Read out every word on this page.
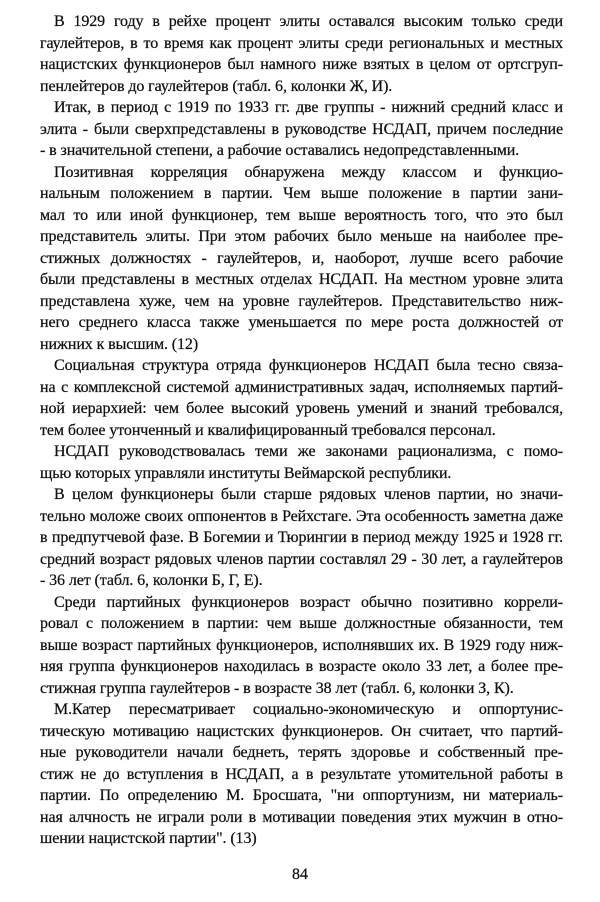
В 1929 году в рейхе процент элиты оставался высоким только среди
гаулейтеров, в то время как процент элиты среди региональных и местных
нацистских функционеров был намного ниже взятых в целом от ортсгруп-
пенлейтеров до гаулейтеров (табл. 6, колонки Ж, И).
Итак, в период с 1919 по 1933 гг. две группы - нижний средний класс и
элита - были сверхпредставлены в руководстве НСДАП, причем последние
- в значительной степени, а рабочие оставались недопредставленными.
Позитивная корреляция обнаружена между классом и функцио-
нальным положением в партии. Чем выше положение в партии зани-
мал то или иной функционер, тем выше вероятность того, что это был
представитель элиты. При этом рабочих было меньше на наиболее пре-
стижных должностях - гаулейтеров, и, наоборот, лучше всего рабочие
были представлены в местных отделах НСДАП. На местном уровне элита
представлена хуже, чем на уровне гаулейтеров. Представительство ниж-
него среднего класса также уменьшается по мере роста должностей от
нижних к высшим. (12)
Социальная структура отряда функционеров НСДАП была тесно связа-
на с комплексной системой административных задач, исполняемых партий-
ной иерархией: чем более высокий уровень умений и знаний требовался,
тем более утонченный и квалифицированный требовался персонал.
НСДАП руководствовалась теми же законами рационализма, с помо-
щью которых управляли институты Веймарской республики.
В целом функционеры были старше рядовых членов партии, но значи-
тельно моложе своих оппонентов в Рейхстаге. Эта особенность заметна даже
в предпутчевой фазе. В Богемии и Тюрингии в период между 1925 и 1928 гг.
средний возраст рядовых членов партии составлял 29 - 30 лет, а гаулейтеров
- 36 лет (табл. 6, колонки Б, Г, Е).
Среди партийных функционеров возраст обычно позитивно коррели-
ровал с положением в партии: чем выше должностные обязанности, тем
выше возраст партийных функционеров, исполнявших их. В 1929 году ниж-
няя группа функционеров находилась в возрасте около 33 лет, а более пре-
стижная группа гаулейтеров - в возрасте 38 лет (табл. 6, колонки З, К).
М.Катер пересматривает социально-экономическую и оппортунис-
тическую мотивацию нацистских функционеров. Он считает, что партий-
ные руководители начали беднеть, терять здоровье и собственный пре-
стиж не до вступления в НСДАП, а в результате утомительной работы в
партии. По определению М. Бросшата, "ни оппортунизм, ни материаль-
ная алчность не играли роли в мотивации поведения этих мужчин в отно-
шении нацистской партии". (13)
84
